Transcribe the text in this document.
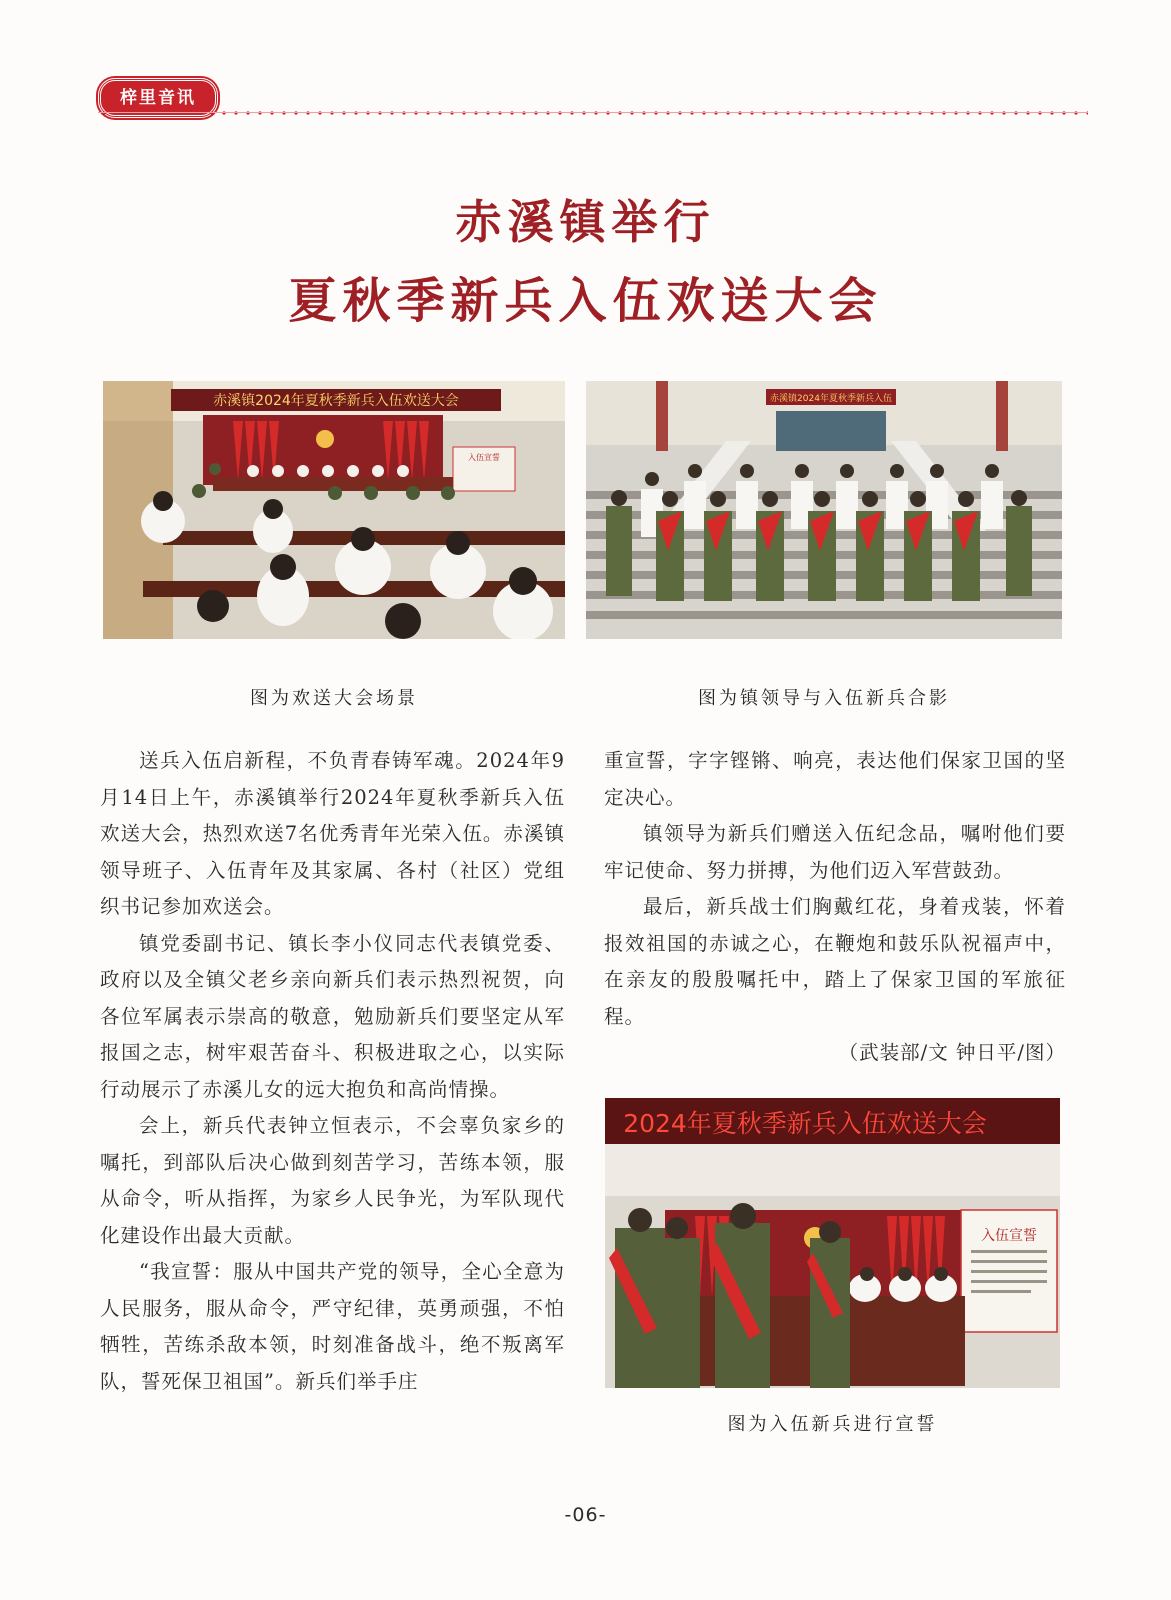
梓里音讯
赤溪镇举行
夏秋季新兵入伍欢送大会
赤溪镇2024年夏秋季新兵入伍欢送大会
入伍宣誓
图为欢送大会场景
赤溪镇2024年夏秋季新兵入伍
图为镇领导与入伍新兵合影

送兵入伍启新程，不负青春铸军魂。2024年9月14日上午，赤溪镇举行2024年夏秋季新兵入伍欢送大会，热烈欢送7名优秀青年光荣入伍。赤溪镇领导班子、入伍青年及其家属、各村（社区）党组织书记参加欢送会。

镇党委副书记、镇长李小仪同志代表镇党委、政府以及全镇父老乡亲向新兵们表示热烈祝贺，向各位军属表示崇高的敬意，勉励新兵们要坚定从军报国之志，树牢艰苦奋斗、积极进取之心，以实际行动展示了赤溪儿女的远大抱负和高尚情操。

会上，新兵代表钟立恒表示，不会辜负家乡的嘱托，到部队后决心做到刻苦学习，苦练本领，服从命令，听从指挥，为家乡人民争光，为军队现代化建设作出最大贡献。

“我宣誓：服从中国共产党的领导，全心全意为人民服务，服从命令，严守纪律，英勇顽强，不怕牺牲，苦练杀敌本领，时刻准备战斗，绝不叛离军队，誓死保卫祖国”。新兵们举手庄

重宣誓，字字铿锵、响亮，表达他们保家卫国的坚定决心。

镇领导为新兵们赠送入伍纪念品，嘱咐他们要牢记使命、努力拼搏，为他们迈入军营鼓劲。

最后，新兵战士们胸戴红花，身着戎装，怀着报效祖国的赤诚之心，在鞭炮和鼓乐队祝福声中，在亲友的殷殷嘱托中，踏上了保家卫国的军旅征程。

（武装部/文 钟日平/图）

2024年夏秋季新兵入伍欢送大会
入伍宣誓
图为入伍新兵进行宣誓
-06-
